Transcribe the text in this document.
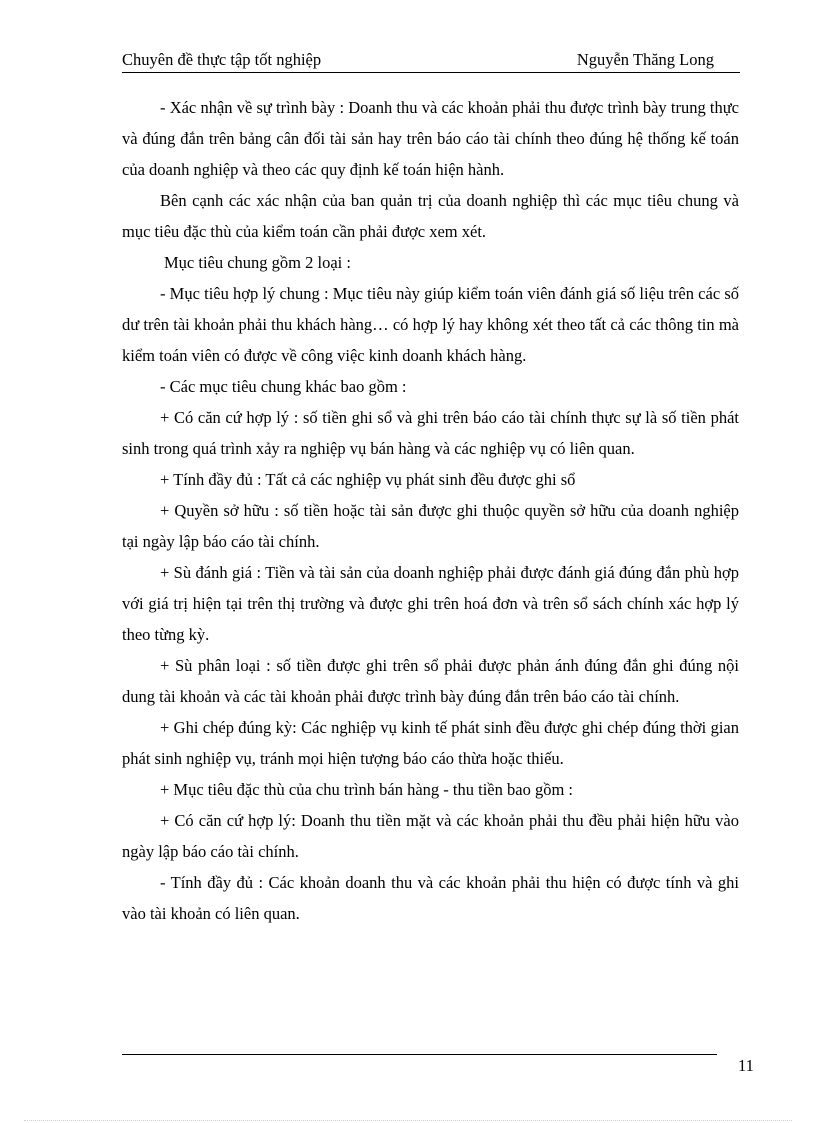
Chuyên đề thực tập tốt nghiệp	Nguyễn Thăng Long

- Xác nhận về sự trình bày : Doanh thu và các khoản phải thu được trình bày trung thực và đúng đắn trên bảng cân đối tài sản hay trên báo cáo tài chính theo đúng hệ thống kế toán của doanh nghiệp và theo các quy định kế toán hiện hành.

Bên cạnh các xác nhận của ban quản trị của doanh nghiệp thì các mục tiêu chung và mục tiêu đặc thù của kiểm toán cần phải được xem xét.

Mục tiêu chung gồm 2 loại :

- Mục tiêu hợp lý chung : Mục tiêu này giúp kiểm toán viên đánh giá số liệu trên các số dư trên tài khoản phải thu khách hàng… có hợp lý hay không xét theo tất cả các thông tin mà kiểm toán viên có được về công việc kinh doanh khách hàng.

- Các mục tiêu chung khác bao gồm :

+ Có căn cứ hợp lý : số tiền ghi sổ và ghi trên báo cáo tài chính thực sự là số tiền phát sinh trong quá trình xảy ra nghiệp vụ bán hàng và các nghiệp vụ có liên quan.

+ Tính đầy đủ : Tất cả các nghiệp vụ phát sinh đều được ghi sổ

+ Quyền sở hữu : số tiền hoặc tài sản được ghi thuộc quyền sở hữu của doanh nghiệp tại ngày lập báo cáo tài chính.

+ Sù đánh giá : Tiền và tài sản của doanh nghiệp phải được đánh giá đúng đắn phù hợp với giá trị hiện tại trên thị trường và được ghi trên hoá đơn và trên sổ sách chính xác hợp lý theo từng kỳ.

+ Sù phân loại : số tiền được ghi trên sổ phải được phản ánh đúng đắn ghi đúng nội dung tài khoản và các tài khoản phải được trình bày đúng đắn trên báo cáo tài chính.

+ Ghi chép đúng kỳ: Các nghiệp vụ kinh tế phát sinh đều được ghi chép đúng thời gian phát sinh nghiệp vụ, tránh mọi hiện tượng báo cáo thừa hoặc thiếu.

+ Mục tiêu đặc thù của chu trình bán hàng - thu tiền bao gồm :

+ Có căn cứ hợp lý: Doanh thu tiền mặt và các khoản phải thu đều phải hiện hữu vào ngày lập báo cáo tài chính.

- Tính đầy đủ : Các khoản doanh thu và các khoản phải thu hiện có được tính và ghi vào tài khoản có liên quan.

11
